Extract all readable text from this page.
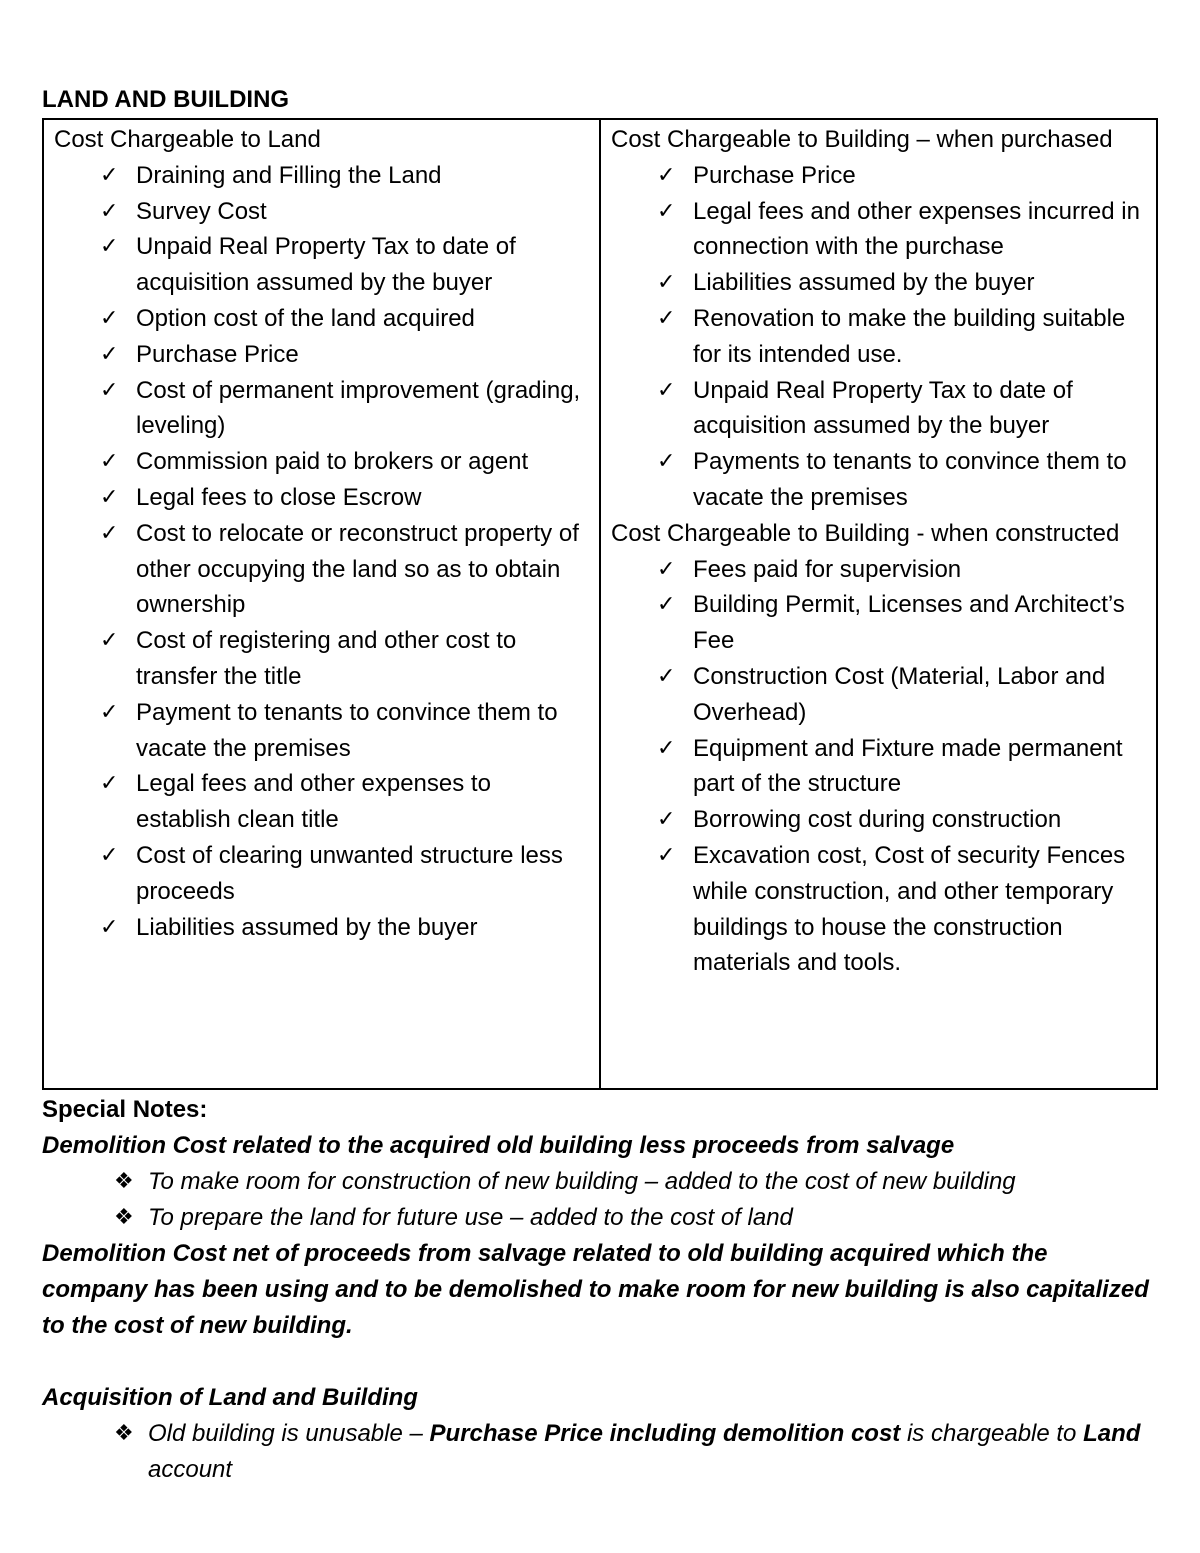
LAND AND BUILDING

Cost Chargeable to Land

✓ Draining and Filling the Land
✓ Survey Cost
✓ Unpaid Real Property Tax to date of acquisition assumed by the buyer
✓ Option cost of the land acquired
✓ Purchase Price
✓ Cost of permanent improvement (grading, leveling)
✓ Commission paid to brokers or agent
✓ Legal fees to close Escrow
✓ Cost to relocate or reconstruct property of other occupying the land so as to obtain ownership
✓ Cost of registering and other cost to transfer the title
✓ Payment to tenants to convince them to vacate the premises
✓ Legal fees and other expenses to establish clean title
✓ Cost of clearing unwanted structure less proceeds
✓ Liabilities assumed by the buyer

Cost Chargeable to Building – when purchased

✓ Purchase Price
✓ Legal fees and other expenses incurred in connection with the purchase
✓ Liabilities assumed by the buyer
✓ Renovation to make the building suitable for its intended use.
✓ Unpaid Real Property Tax to date of acquisition assumed by the buyer
✓ Payments to tenants to convince them to vacate the premises

Cost Chargeable to Building - when constructed

✓ Fees paid for supervision
✓ Building Permit, Licenses and Architect’s Fee
✓ Construction Cost (Material, Labor and Overhead)
✓ Equipment and Fixture made permanent part of the structure
✓ Borrowing cost during construction
✓ Excavation cost, Cost of security Fences while construction, and other temporary buildings to house the construction materials and tools.
Special Notes:
Demolition Cost related to the acquired old building less proceeds from salvage
❖ To make room for construction of new building – added to the cost of new building
❖ To prepare the land for future use – added to the cost of land
Demolition Cost net of proceeds from salvage related to old building acquired which the company has been using and to be demolished to make room for new building is also capitalized to the cost of new building.
Acquisition of Land and Building
❖ Old building is unusable – Purchase Price including demolition cost is chargeable to Land account
